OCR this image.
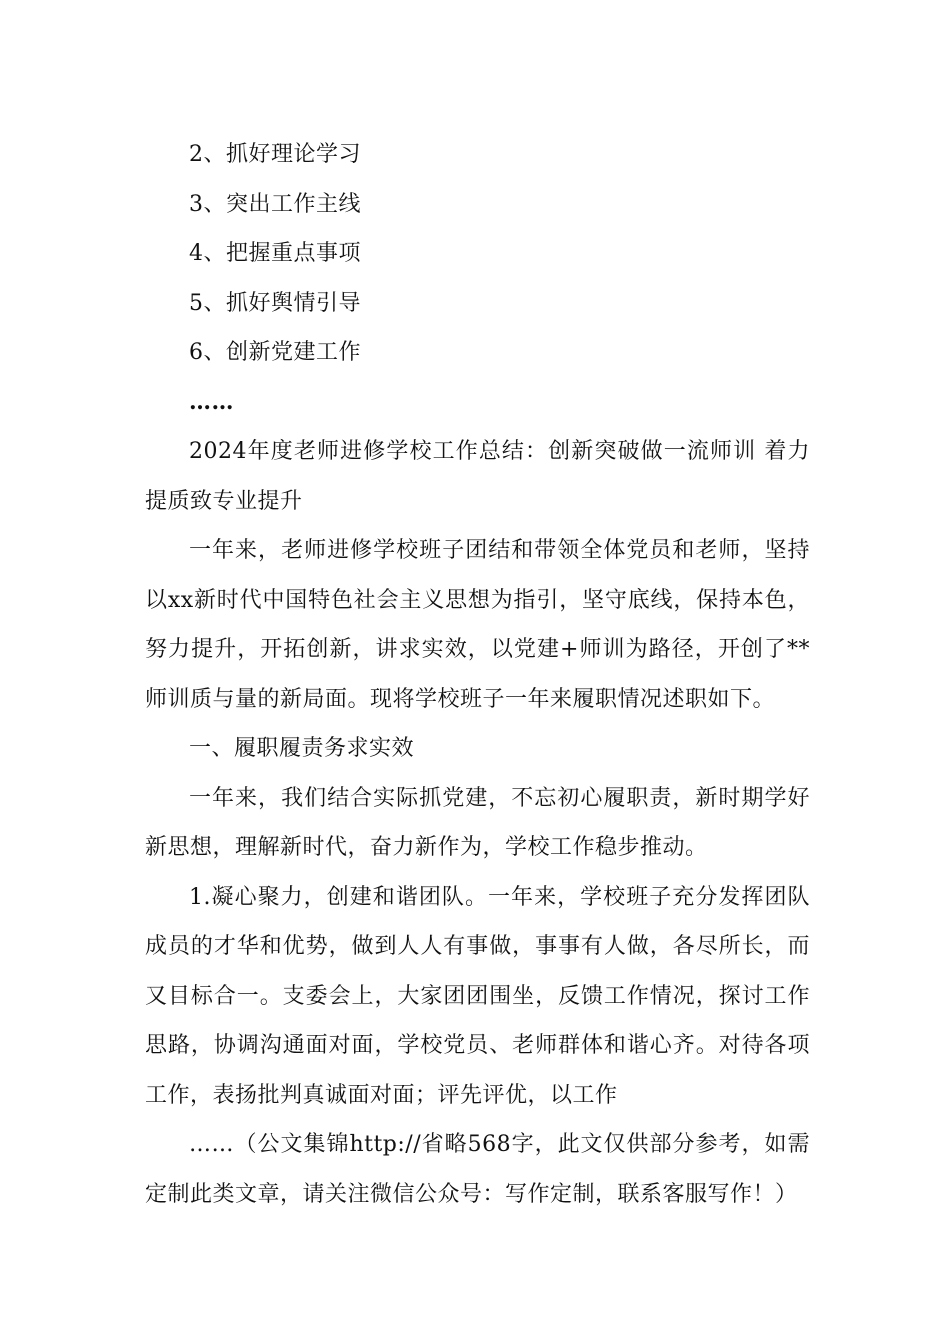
2、抓好理论学习

3、突出工作主线

4、把握重点事项

5、抓好舆情引导

6、创新党建工作

……

2024年度老师进修学校工作总结：创新突破做一流师训 着力提质致专业提升

一年来，老师进修学校班子团结和带领全体党员和老师，坚持以xx新时代中国特色社会主义思想为指引，坚守底线，保持本色，努力提升，开拓创新，讲求实效，以党建+师训为路径，开创了**师训质与量的新局面。现将学校班子一年来履职情况述职如下。

一、履职履责务求实效

一年来，我们结合实际抓党建，不忘初心履职责，新时期学好新思想，理解新时代，奋力新作为，学校工作稳步推动。

1.凝心聚力，创建和谐团队。一年来，学校班子充分发挥团队成员的才华和优势，做到人人有事做，事事有人做，各尽所长，而又目标合一。支委会上，大家团团围坐，反馈工作情况，探讨工作思路，协调沟通面对面，学校党员、老师群体和谐心齐。对待各项工作，表扬批判真诚面对面；评先评优，以工作

……（公文集锦http://省略568字，此文仅供部分参考，如需定制此类文章，请关注微信公众号：写作定制，联系客服写作！）
